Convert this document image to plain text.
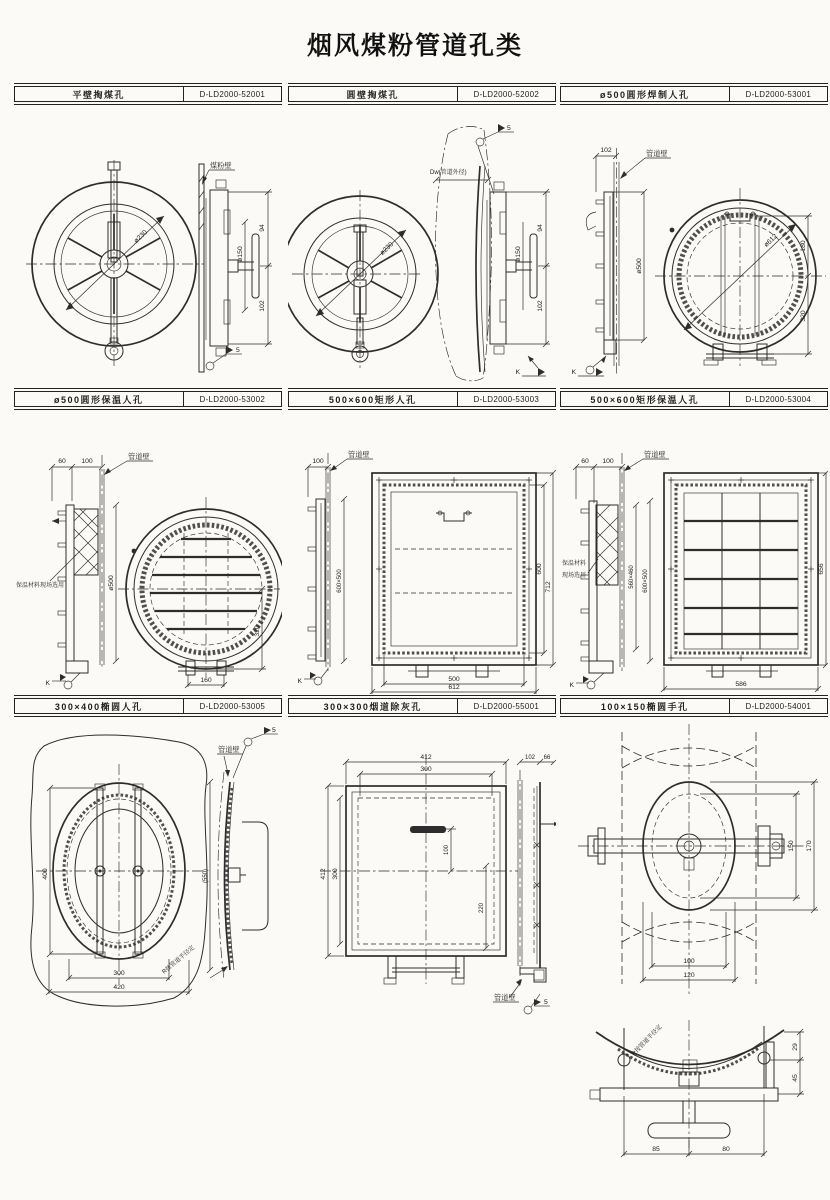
烟风煤粉管道孔类
平壁掏煤孔	D-LD2000-52001
ø230
煤粉壁
94
102
ø150
5
圆壁掏煤孔	D-LD2000-52002
ø230
Dw(管道外径)
5
94
102
ø150
K
ø500圆形焊制人孔	D-LD2000-53001
102	管道壁
ø500
K
ø612	180
320
ø500圆形保温人孔	D-LD2000-53002
60 100
管道壁
保温材料现场选用	ø500
K
320
160
500×600矩形人孔	D-LD2000-53003
100
管道壁
600×500
K
600
712
500
612
500×600矩形保温人孔	D-LD2000-53004
60 100
管道壁
保温材料
现场选用	560×460 600×500
K
656
586
300×400椭圆人孔	D-LD2000-53005
400
300
420
管道壁
5
(550)
R按管道半径定
300×300烟道除灰孔	D-LD2000-55001
412
300
412 300
100
220
102 66
管道壁
5
100×150椭圆手孔	D-LD2000-54001
150 170
100
120
R按管道半径定	29
45
85	80
